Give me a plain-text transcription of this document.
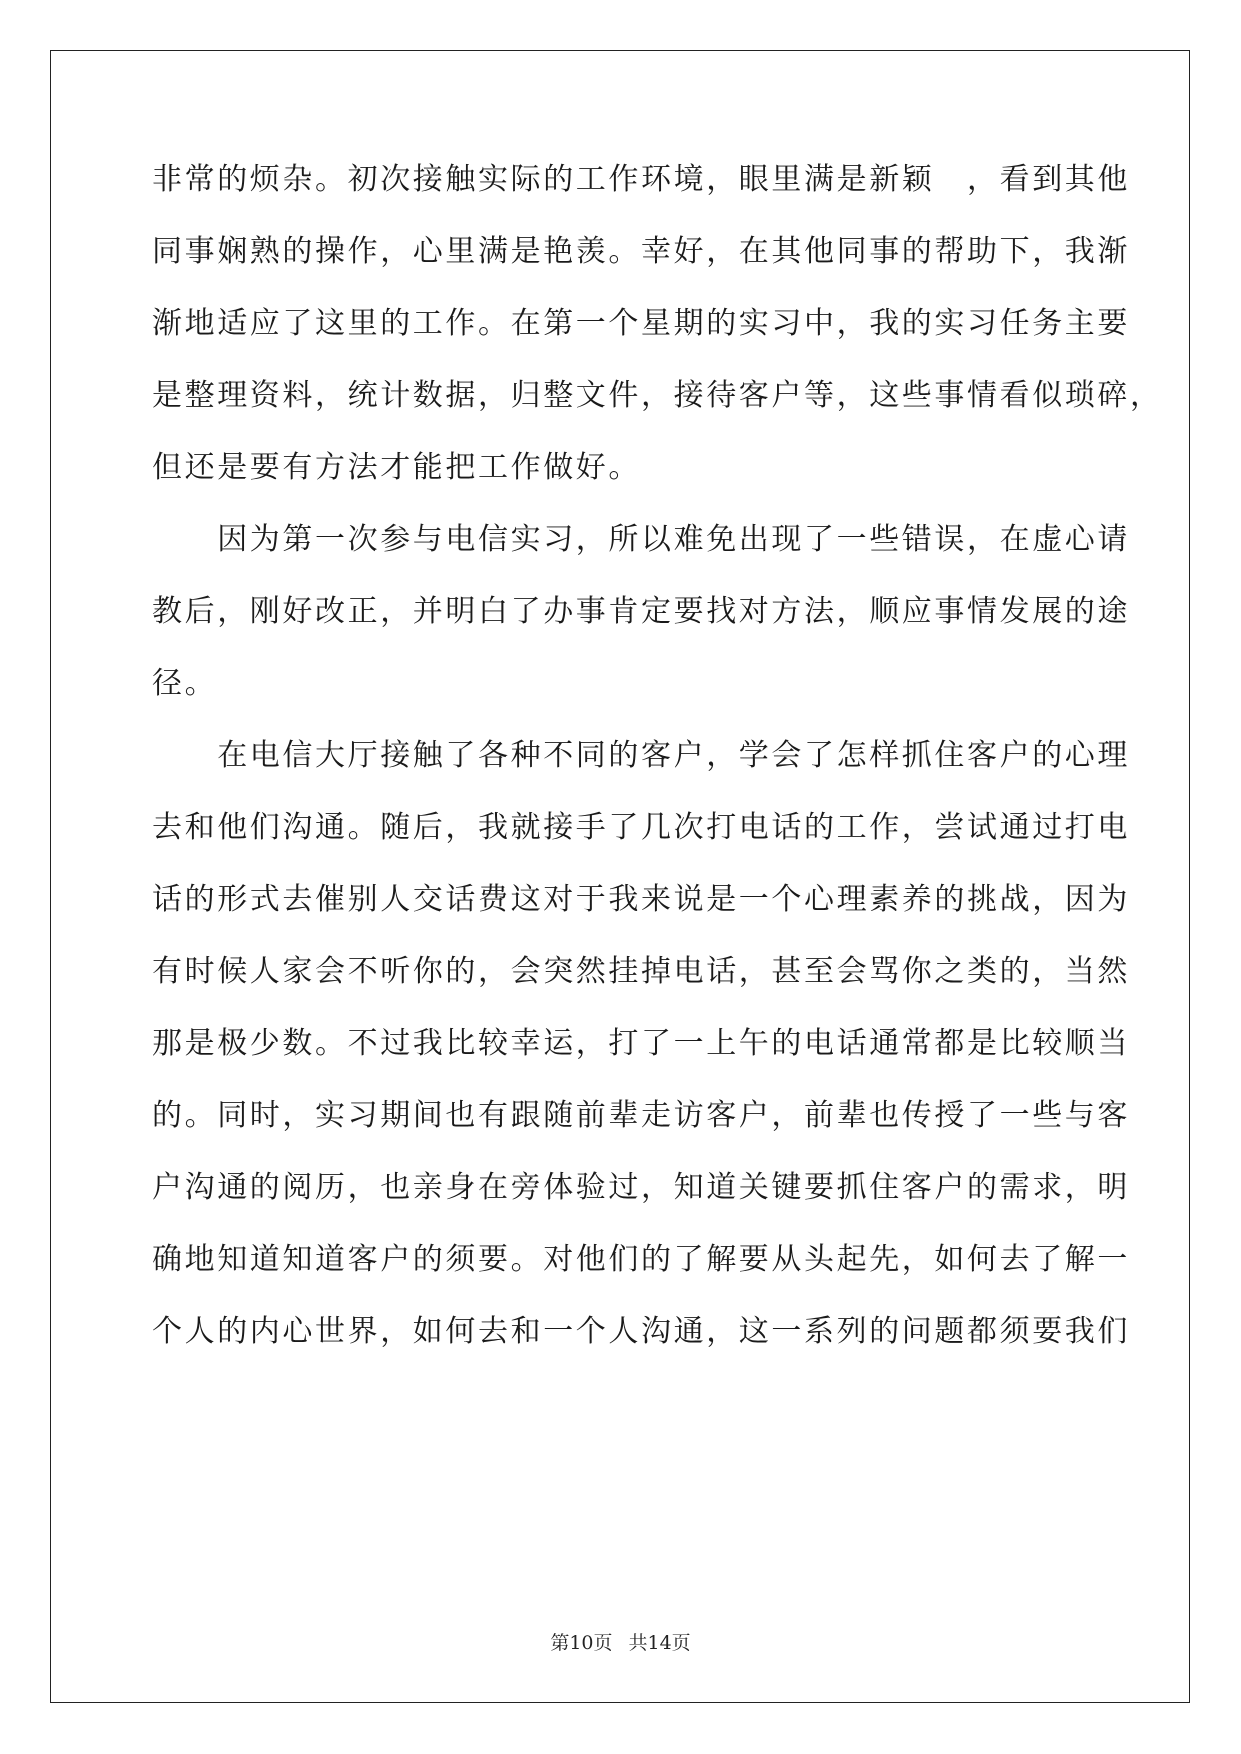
非常的烦杂。初次接触实际的工作环境，眼里满是新颖　，看到其他
同事娴熟的操作，心里满是艳羡。幸好，在其他同事的帮助下，我渐
渐地适应了这里的工作。在第一个星期的实习中，我的实习任务主要
是整理资料，统计数据，归整文件，接待客户等，这些事情看似琐碎，
但还是要有方法才能把工作做好。
　　因为第一次参与电信实习，所以难免出现了一些错误，在虚心请
教后，刚好改正，并明白了办事肯定要找对方法，顺应事情发展的途
径。
　　在电信大厅接触了各种不同的客户，学会了怎样抓住客户的心理
去和他们沟通。随后，我就接手了几次打电话的工作，尝试通过打电
话的形式去催别人交话费这对于我来说是一个心理素养的挑战，因为
有时候人家会不听你的，会突然挂掉电话，甚至会骂你之类的，当然
那是极少数。不过我比较幸运，打了一上午的电话通常都是比较顺当
的。同时，实习期间也有跟随前辈走访客户，前辈也传授了一些与客
户沟通的阅历，也亲身在旁体验过，知道关键要抓住客户的需求，明
确地知道知道客户的须要。对他们的了解要从头起先，如何去了解一
个人的内心世界，如何去和一个人沟通，这一系列的问题都须要我们
第10页 共14页
